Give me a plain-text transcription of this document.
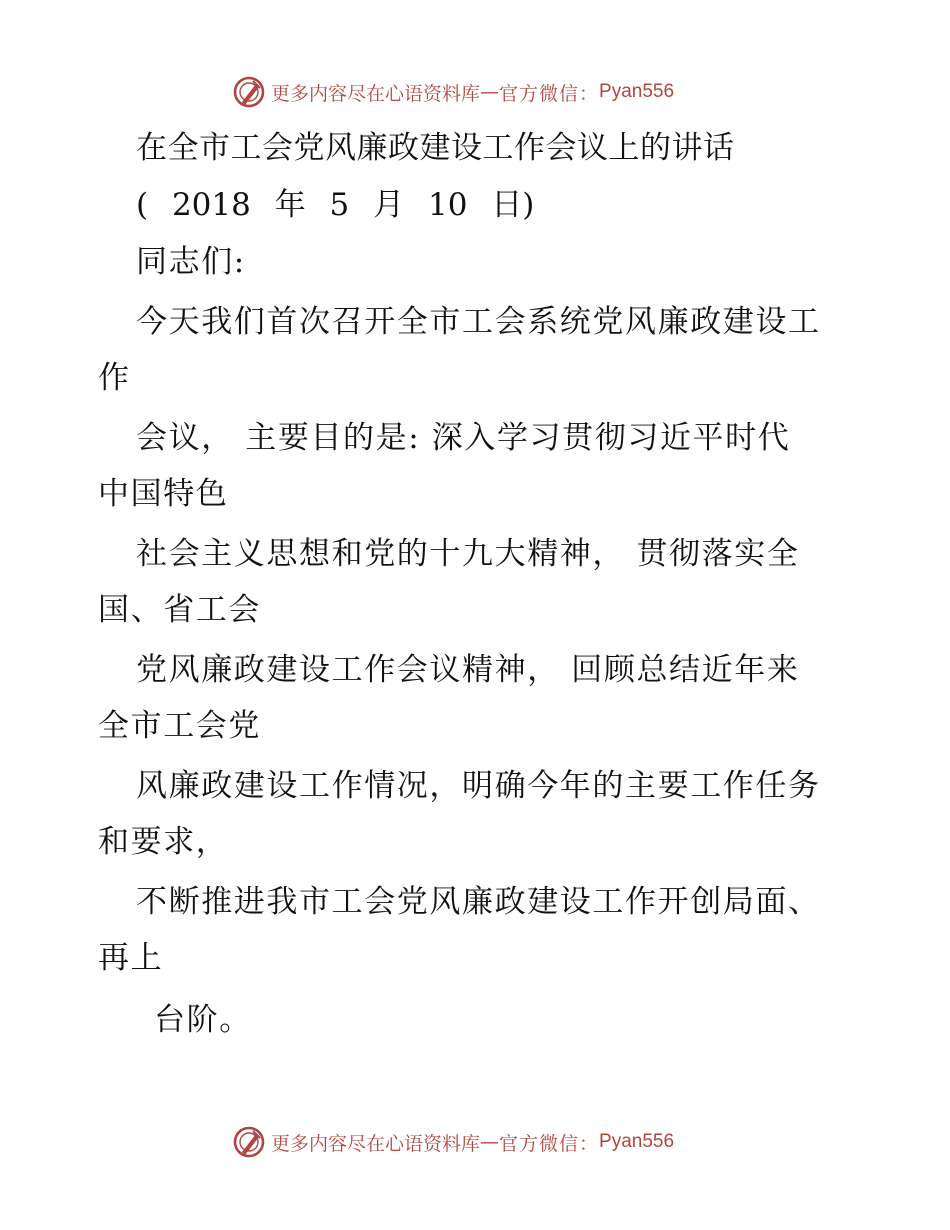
更多内容尽在心语资料库 — 官方微信： Pyan556

在全市工会党风廉政建设工作会议上的讲话

( 2018 年 5 月 10 日)

同志们:

今天我们首次召开全市工会系统党风廉政建设工

作

会议， 主要目的是: 深入学习贯彻习近平时代

中国特色

社会主义思想和党的十九大精神， 贯彻落实全

国、省工会

党风廉政建设工作会议精神， 回顾总结近年来

全市工会党

风廉政建设工作情况，明确今年的主要工作任务

和要求，

不断推进我市工会党风廉政建设工作开创局面、

再上

台阶。

更多内容尽在心语资料库 — 官方微信： Pyan556
